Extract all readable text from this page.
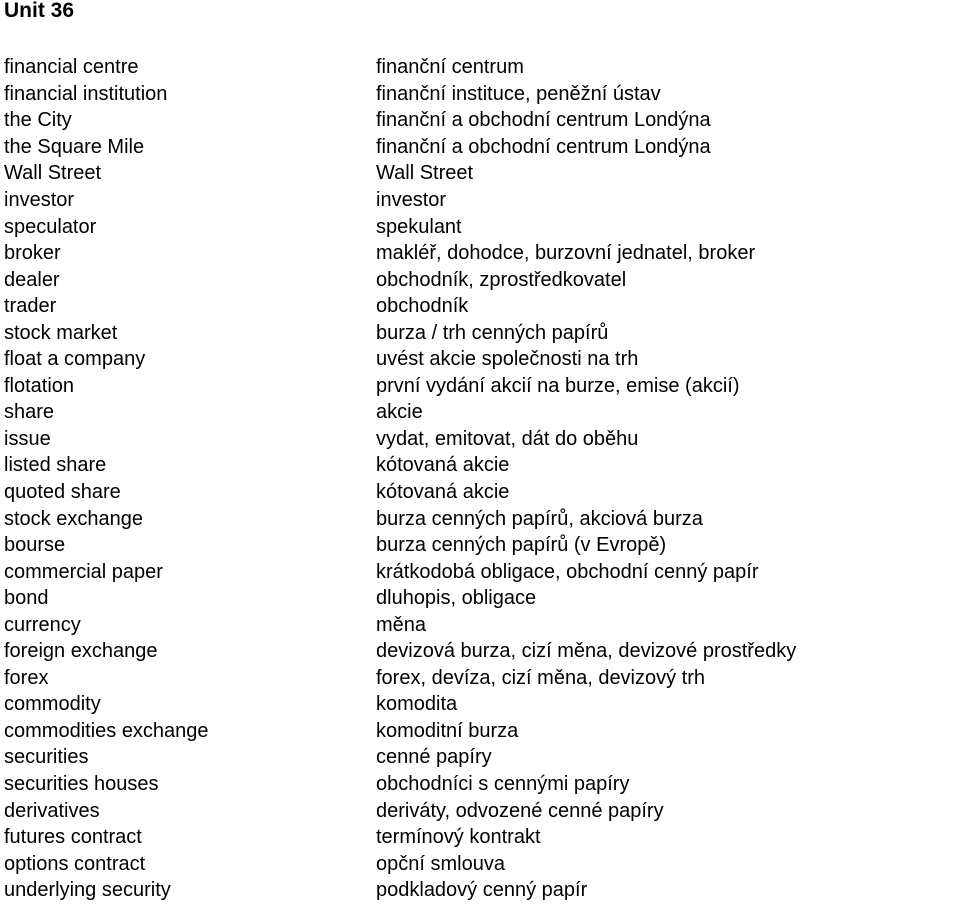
Unit 36
financial centre	finanční centrum
financial institution	finanční instituce, peněžní ústav
the City	finanční a obchodní centrum Londýna
the Square Mile	finanční a obchodní centrum Londýna
Wall Street	Wall Street
investor	investor
speculator	spekulant
broker	makléř, dohodce, burzovní jednatel, broker
dealer	obchodník, zprostředkovatel
trader	obchodník
stock market	burza / trh cenných papírů
float a company	uvést akcie společnosti na trh
flotation	první vydání akcií na burze, emise (akcií)
share	akcie
issue	vydat, emitovat, dát do oběhu
listed share	kótovaná akcie
quoted share	kótovaná akcie
stock exchange	burza cenných papírů, akciová burza
bourse	burza cenných papírů (v Evropě)
commercial paper	krátkodobá obligace, obchodní cenný papír
bond	dluhopis, obligace
currency	měna
foreign exchange	devizová burza, cizí měna, devizové prostředky
forex	forex, devíza, cizí měna, devizový trh
commodity	komodita
commodities exchange	komoditní burza
securities	cenné papíry
securities houses	obchodníci s cennými papíry
derivatives	deriváty, odvozené cenné papíry
futures contract	termínový kontrakt
options contract	opční smlouva
underlying security	podkladový cenný papír
